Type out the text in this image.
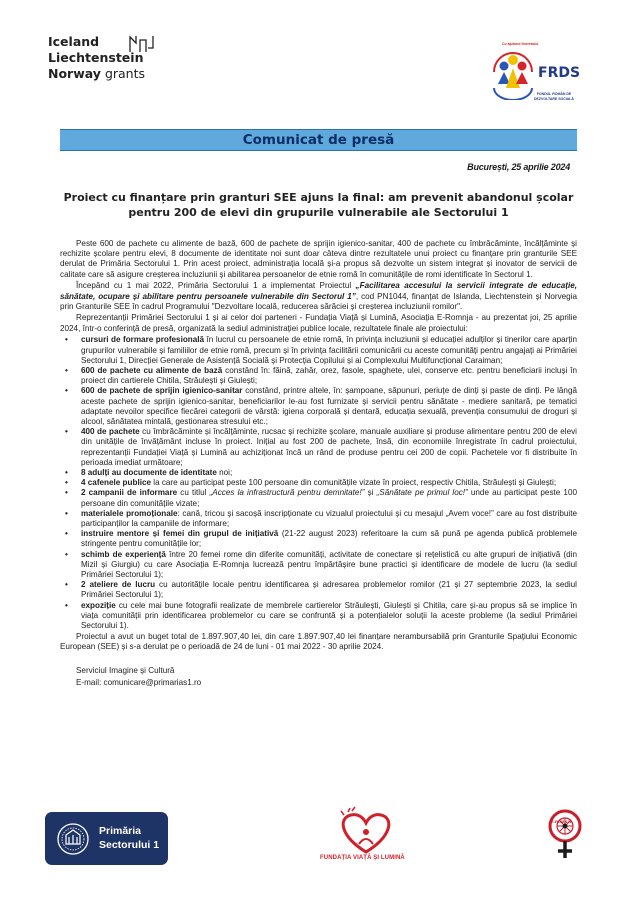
Iceland
Liechtenstein
Norway grants
Cu ajutorul tineretului
FRDS
FONDUL ROMÂN DE DEZVOLTARE SOCIALĂ
Comunicat de presă
București, 25 aprilie 2024
Proiect cu finanțare prin granturi SEE ajuns la final: am prevenit abandonul școlar pentru 200 de elevi din grupurile vulnerabile ale Sectorului 1

Peste 600 de pachete cu alimente de bază, 600 de pachete de sprijin igienico-sanitar, 400 de pachete cu îmbrăcăminte, încălțăminte și rechizite școlare pentru elevi, 8 documente de identitate noi sunt doar câteva dintre rezultatele unui proiect cu finanțare prin granturile SEE derulat de Primăria Sectorului 1. Prin acest proiect, administrația locală și-a propus să dezvolte un sistem integrat și inovator de servicii de calitate care să asigure creșterea incluziunii și abilitarea persoanelor de etnie romă în comunitățile de romi identificate în Sectorul 1.

Începând cu 1 mai 2022, Primăria Sectorului 1 a implementat Proiectul „Facilitarea accesului la servicii integrate de educație, sănătate, ocupare și abilitare pentru persoanele vulnerabile din Sectorul 1”, cod PN1044, finanțat de Islanda, Liechtenstein și Norvegia prin Granturile SEE în cadrul Programului "Dezvoltare locală, reducerea sărăciei și creșterea incluziunii romilor".

Reprezentanții Primăriei Sectorului 1 și ai celor doi parteneri - Fundația Viață și Lumină, Asociația E-Romnja - au prezentat joi, 25 aprilie 2024, într-o conferință de presă, organizată la sediul administrației publice locale, rezultatele finale ale proiectului:

• cursuri de formare profesională în lucrul cu persoanele de etnie romă, în privința incluziunii și educației adulților și tinerilor care aparțin grupurilor vulnerabile și familiilor de etnie romă, precum și în privința facilitării comunicării cu aceste comunități pentru angajați ai Primăriei Sectorului 1, Direcției Generale de Asistență Socială și Protecția Copilului și ai Complexului Multifuncțional Caraiman;
• 600 de pachete cu alimente de bază constând în: făină, zahăr, orez, fasole, spaghete, ulei, conserve etc. pentru beneficiarii incluși în proiect din cartierele Chitila, Străulești și Giulești;
• 600 de pachete de sprijin igienico-sanitar constând, printre altele, în: șampoane, săpunuri, periuțe de dinți și paste de dinți. Pe lângă aceste pachete de sprijin igienico-sanitar, beneficiarilor le-au fost furnizate și servicii pentru sănătate - mediere sanitară, pe tematici adaptate nevoilor specifice fiecărei categorii de vârstă: igiena corporală și dentară, educația sexuală, prevenția consumului de droguri și alcool, sănătatea mintală, gestionarea stresului etc.;
• 400 de pachete cu îmbrăcăminte și încălțăminte, rucsac și rechizite școlare, manuale auxiliare și produse alimentare pentru 200 de elevi din unitățile de învățământ incluse în proiect. Inițial au fost 200 de pachete, însă, din economiile înregistrate în cadrul proiectului, reprezentanții Fundației Viață și Lumină au achiziționat încă un rând de produse pentru cei 200 de copii. Pachetele vor fi distribuite în perioada imediat următoare;
• 8 adulți au documente de identitate noi;
• 4 cafenele publice la care au participat peste 100 persoane din comunitățile vizate în proiect, respectiv Chitila, Străulești și Giulești;
• 2 campanii de informare cu titlul „Acces la infrastructură pentru demnitate!” și „Sănătate pe primul loc!” unde au participat peste 100 persoane din comunitățile vizate;
• materialele promoționale: cană, tricou și sacoșă inscripționate cu vizualul proiectului și cu mesajul „Avem voce!” care au fost distribuite participanților la campaniile de informare;
• instruire mentore și femei din grupul de inițiativă (21-22 august 2023) referitoare la cum să pună pe agenda publică problemele stringente pentru comunitățile lor;
• schimb de experiență între 20 femei rome din diferite comunități, activitate de conectare și rețelistică cu alte grupuri de inițiativă (din Mizil și Giurgiu) cu care Asociația E-Romnja lucrează pentru împărtășire bune practici și identificare de modele de lucru (la sediul Primăriei Sectorului 1);
• 2 ateliere de lucru cu autoritățile locale pentru identificarea și adresarea problemelor romilor (21 și 27 septembrie 2023, la sediul Primăriei Sectorului 1);
• expoziție cu cele mai bune fotografii realizate de membrele cartierelor Străulești, Giulești și Chitila, care și-au propus să se implice în viața comunității prin identificarea problemelor cu care se confruntă și a potențialelor soluții la aceste probleme (la sediul Primăriei Sectorului 1).

Proiectul a avut un buget total de 1.897.907,40 lei, din care 1.897.907,40 lei finanțare nerambursabilă prin Granturile Spațiului Economic European (SEE) și s-a derulat pe o perioadă de 24 de luni - 01 mai 2022 - 30 aprilie 2024.

Serviciul Imagine și Cultură
E-mail: comunicare@primarias1.ro
Primăria
Sectorului 1
FUNDAȚIA VIAȚĂ ȘI LUMINĂ
E-ROMNJA
